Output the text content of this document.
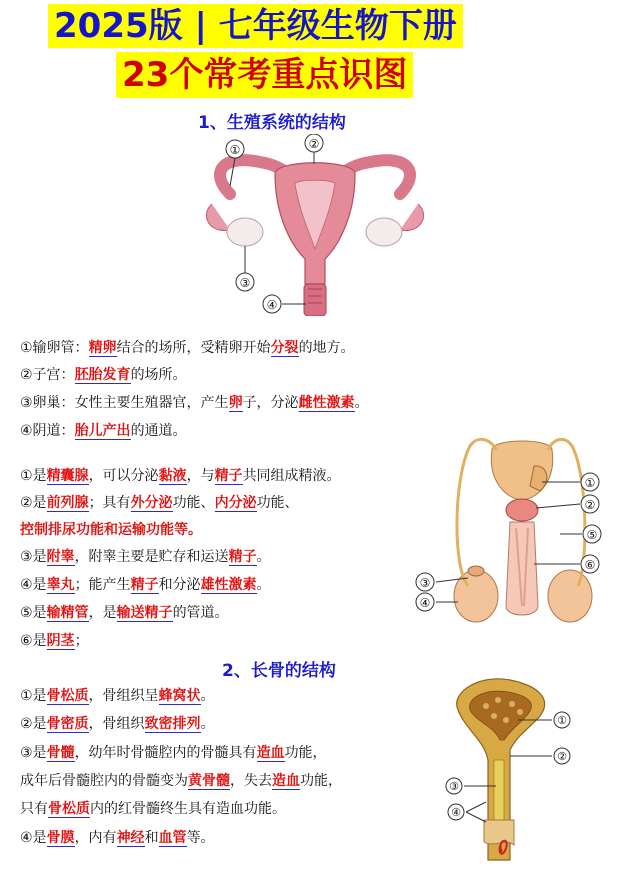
2025版 | 七年级生物下册
23个常考重点识图
1、生殖系统的结构
①	②
③
④
①输卵管：精卵结合的场所，受精卵开始分裂的地方。
②子宫：胚胎发育的场所。
③卵巢：女性主要生殖器官，产生卵子，分泌雌性激素。
④阴道：胎儿产出的通道。
①
②
⑤
⑥
③
④
①是精囊腺，可以分泌黏液，与精子共同组成精液。
②是前列腺；具有外分泌功能、内分泌功能、
控制排尿功能和运输功能等。
③是附睾，附睾主要是贮存和运送精子。
④是睾丸；能产生精子和分泌雄性激素。
⑤是输精管，是输送精子的管道。
⑥是阴茎；
2、长骨的结构
①
②
③
④
①是骨松质，骨组织呈蜂窝状。
②是骨密质，骨组织致密排列。
③是骨髓，幼年时骨髓腔内的骨髓具有造血功能，
成年后骨髓腔内的骨髓变为黄骨髓，失去造血功能，
只有骨松质内的红骨髓终生具有造血功能。
④是骨膜，内有神经和血管等。
